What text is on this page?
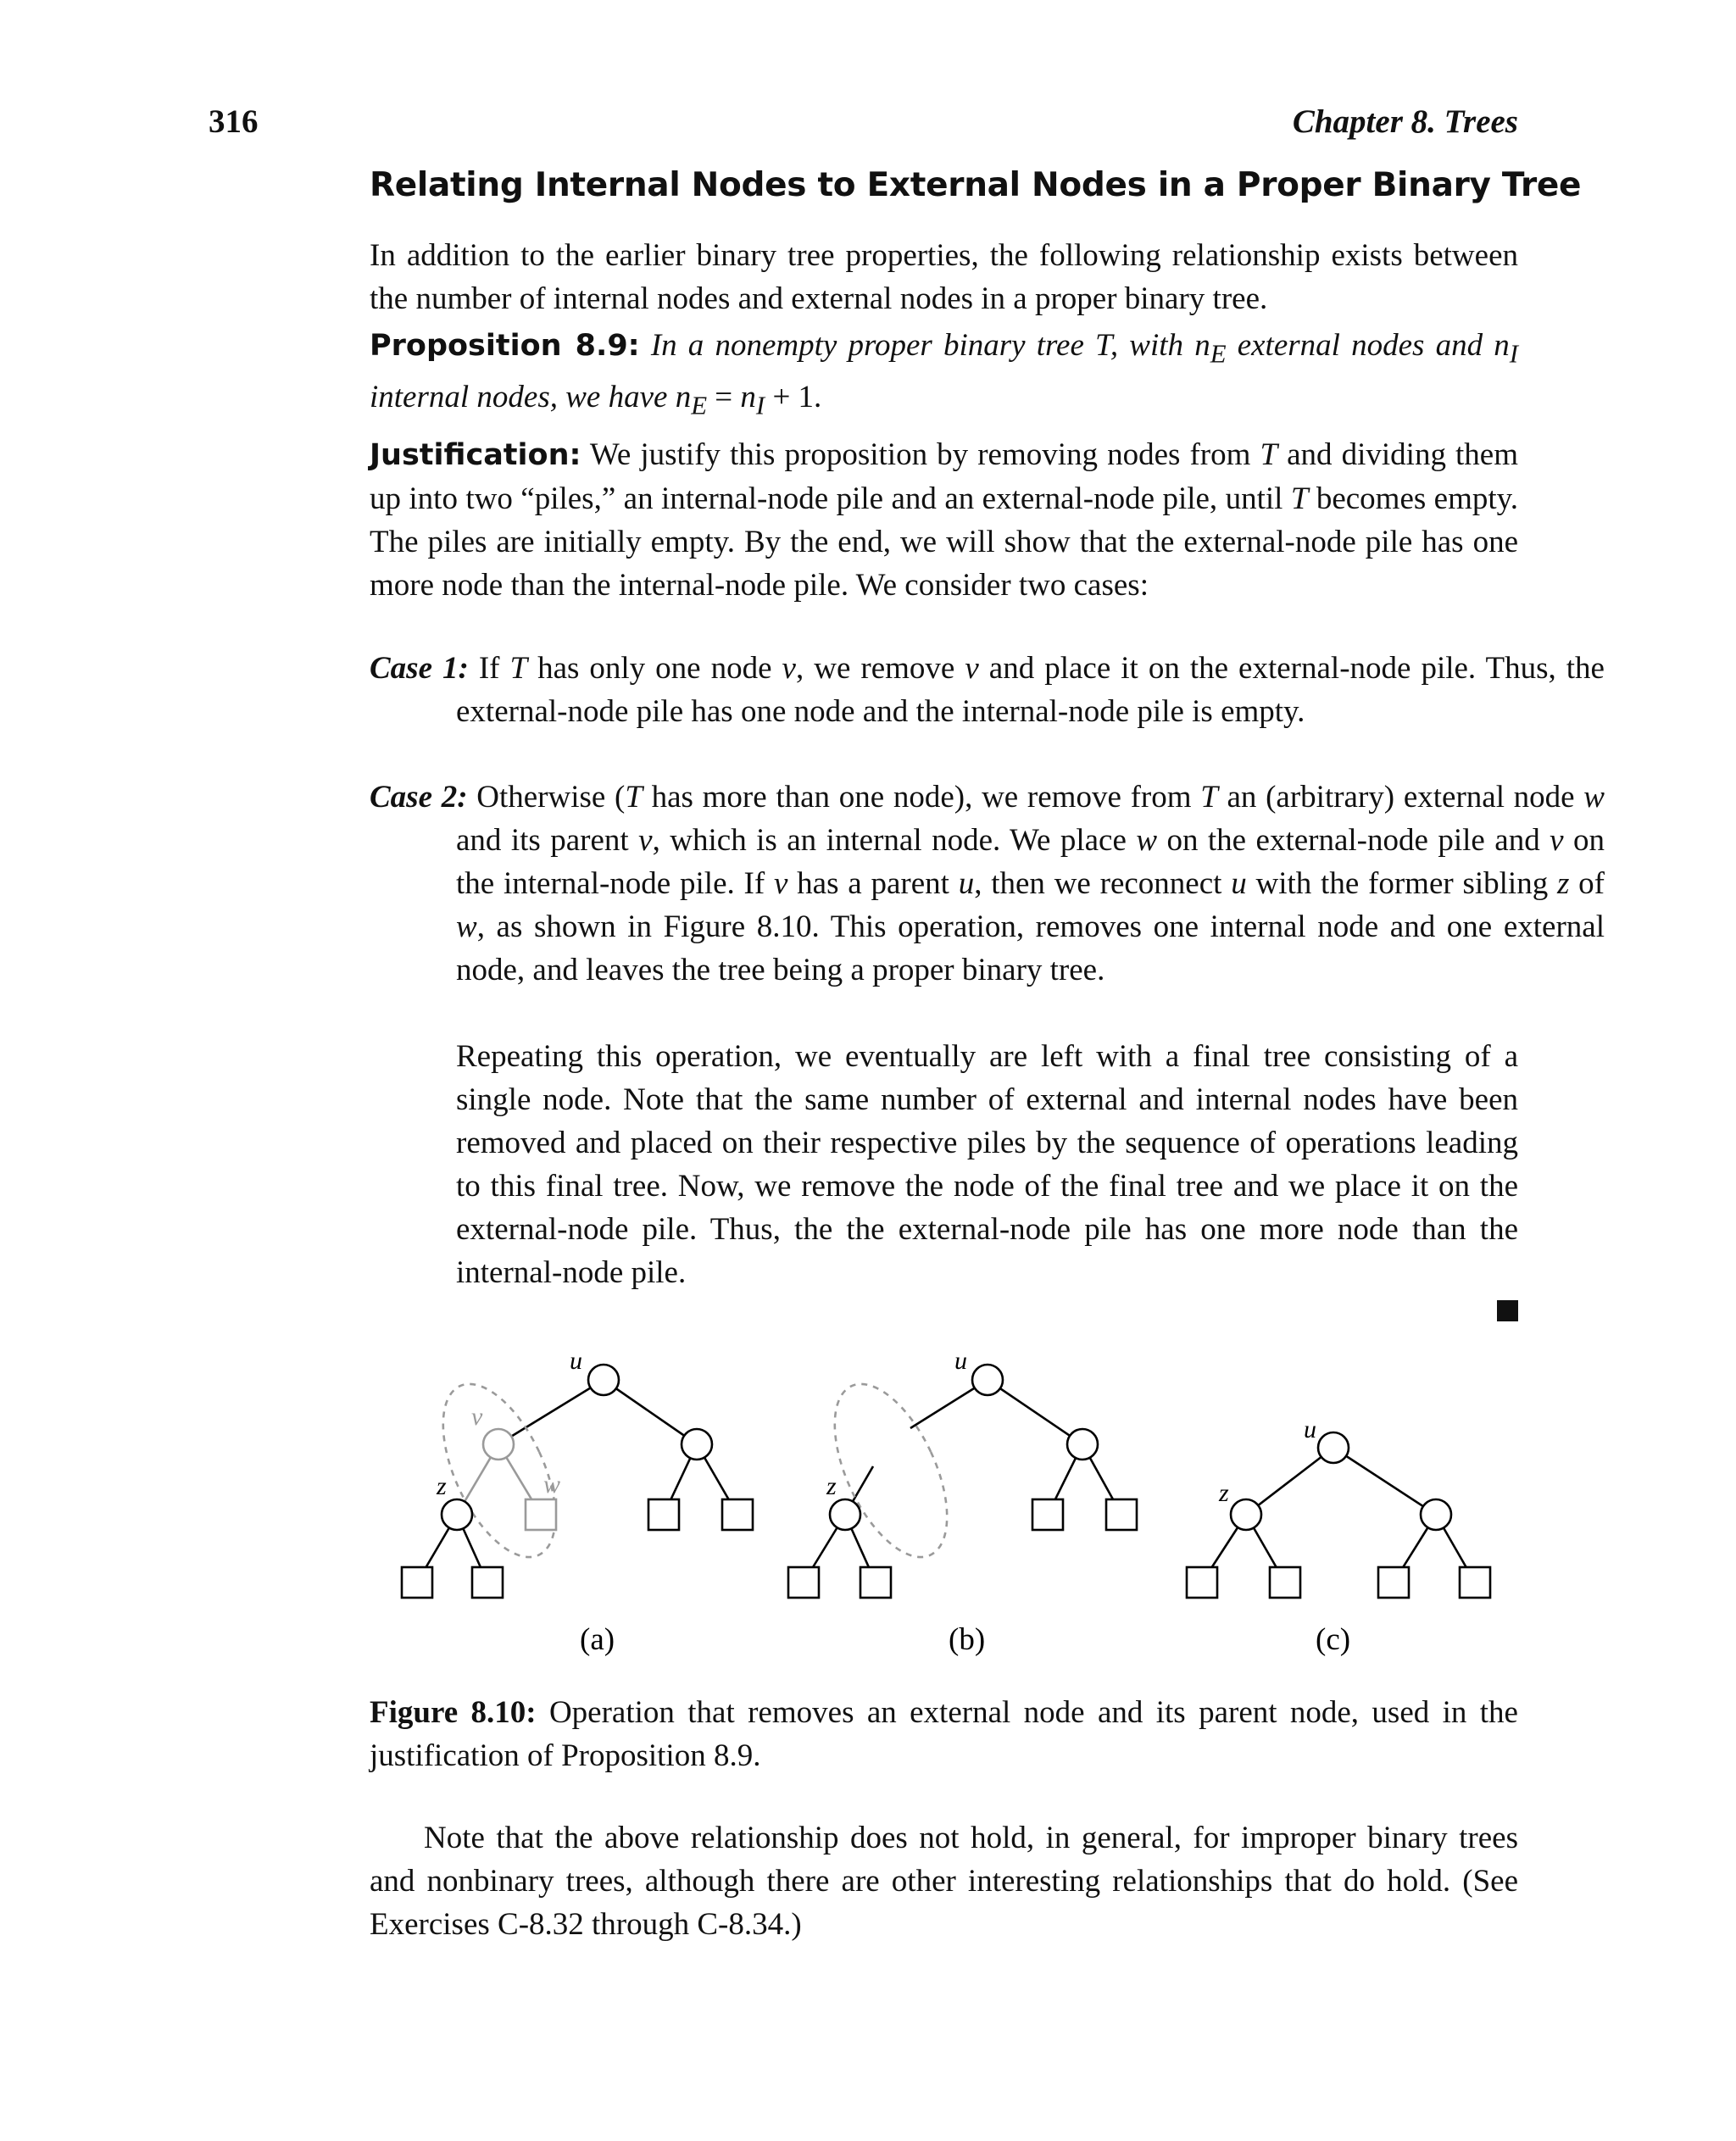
316	Chapter 8. Trees
Relating Internal Nodes to External Nodes in a Proper Binary Tree
In addition to the earlier binary tree properties, the following relationship exists between the number of internal nodes and external nodes in a proper binary tree.
Proposition 8.9: In a nonempty proper binary tree T, with $n_E$ external nodes and $n_I$ internal nodes, we have $n_E = n_I + 1$.
Justification: We justify this proposition by removing nodes from T and dividing them up into two “piles,” an internal-node pile and an external-node pile, until T becomes empty. The piles are initially empty. By the end, we will show that the external-node pile has one more node than the internal-node pile. We consider two cases:
Case 1: If T has only one node v, we remove v and place it on the external-node pile. Thus, the external-node pile has one node and the internal-node pile is empty.
Case 2: Otherwise (T has more than one node), we remove from T an (arbitrary) external node w and its parent v, which is an internal node. We place w on the external-node pile and v on the internal-node pile. If v has a parent u, then we reconnect u with the former sibling z of w, as shown in Figure 8.10. This operation, removes one internal node and one external node, and leaves the tree being a proper binary tree.
Repeating this operation, we eventually are left with a final tree consisting of a single node. Note that the same number of external and internal nodes have been removed and placed on their respective piles by the sequence of operations leading to this final tree. Now, we remove the node of the final tree and we place it on the external-node pile. Thus, the the external-node pile has one more node than the internal-node pile.
u
v
w
z
u
z
u
z
(a)	(b)	(c)
Figure 8.10: Operation that removes an external node and its parent node, used in the justification of Proposition 8.9.
Note that the above relationship does not hold, in general, for improper binary trees and nonbinary trees, although there are other interesting relationships that do hold. (See Exercises C-8.32 through C-8.34.)
